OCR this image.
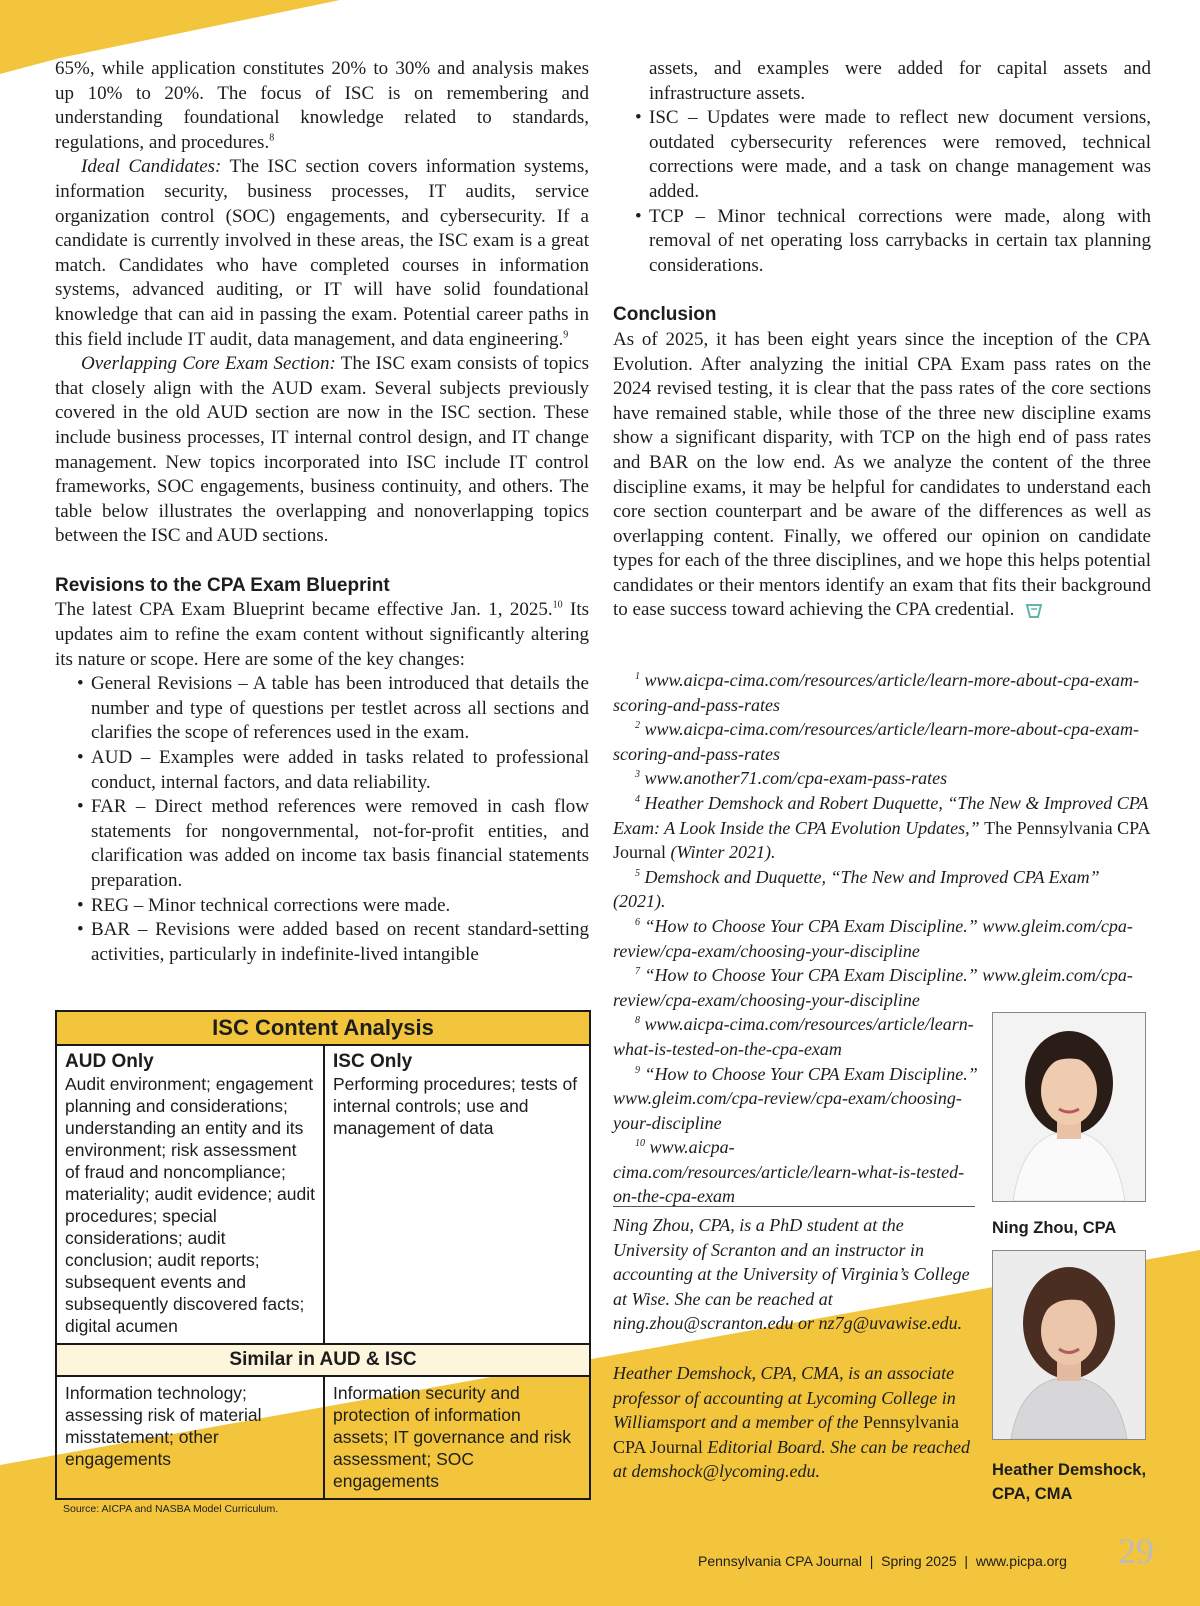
65%, while application constitutes 20% to 30% and analysis makes up 10% to 20%. The focus of ISC is on remembering and understanding foundational knowledge related to standards, regulations, and procedures.$^8$

Ideal Candidates: The ISC section covers information systems, information security, business processes, IT audits, service organization control (SOC) engagements, and cybersecurity. If a candidate is currently involved in these areas, the ISC exam is a great match. Candidates who have completed courses in information systems, advanced auditing, or IT will have solid foundational knowledge that can aid in passing the exam. Potential career paths in this field include IT audit, data management, and data engineering.$^9$

Overlapping Core Exam Section: The ISC exam consists of topics that closely align with the AUD exam. Several subjects previously covered in the old AUD section are now in the ISC section. These include business processes, IT internal control design, and IT change management. New topics incorporated into ISC include IT control frameworks, SOC engagements, business continuity, and others. The table below illustrates the overlapping and nonoverlapping topics between the ISC and AUD sections.

Revisions to the CPA Exam Blueprint

The latest CPA Exam Blueprint became effective Jan. 1, 2025.10 Its updates aim to refine the exam content without significantly altering its nature or scope. Here are some of the key changes:

• General Revisions – A table has been introduced that details the number and type of questions per testlet across all sections and clarifies the scope of references used in the exam.
• AUD – Examples were added in tasks related to professional conduct, internal factors, and data reliability.
• FAR – Direct method references were removed in cash flow statements for nongovernmental, not-for-profit entities, and clarification was added on income tax basis financial statements preparation.
• REG – Minor technical corrections were made.
• BAR – Revisions were added based on recent standard-setting activities, particularly in indefinite-lived intangible
ISC Content Analysis
AUD Only
Audit environment; engagement planning and considerations; understanding an entity and its environment; risk assessment of fraud and noncompliance; materiality; audit evidence; audit procedures; special considerations; audit conclusion; audit reports; subsequent events and subsequently discovered facts; digital acumen
ISC Only
Performing procedures; tests of internal controls; use and management of data
Similar in AUD & ISC
Information technology; assessing risk of material misstatement; other engagements
Information security and protection of information assets; IT governance and risk assessment; SOC engagements
Source: AICPA and NASBA Model Curriculum.
assets, and examples were added for capital assets and infrastructure assets.
• ISC – Updates were made to reflect new document versions, outdated cybersecurity references were removed, technical corrections were made, and a task on change management was added.
• TCP – Minor technical corrections were made, along with removal of net operating loss carrybacks in certain tax planning considerations.

Conclusion

As of 2025, it has been eight years since the inception of the CPA Evolution. After analyzing the initial CPA Exam pass rates on the 2024 revised testing, it is clear that the pass rates of the core sections have remained stable, while those of the three new discipline exams show a significant disparity, with TCP on the high end of pass rates and BAR on the low end. As we analyze the content of the three discipline exams, it may be helpful for candidates to understand each core section counterpart and be aware of the differences as well as overlapping content. Finally, we offered our opinion on candidate types for each of the three disciplines, and we hope this helps potential candidates or their mentors identify an exam that fits their background to ease success toward achieving the CPA credential.

$^1$ www.aicpa-cima.com/resources/article/learn-more-about-cpa-exam-scoring-and-pass-rates

$^2$ www.aicpa-cima.com/resources/article/learn-more-about-cpa-exam-scoring-and-pass-rates

$^3$ www.another71.com/cpa-exam-pass-rates

$^4$ Heather Demshock and Robert Duquette, “The New & Improved CPA Exam: A Look Inside the CPA Evolution Updates,” The Pennsylvania CPA Journal (Winter 2021).

$^5$ Demshock and Duquette, “The New and Improved CPA Exam” (2021).

$^6$ “How to Choose Your CPA Exam Discipline.” www.gleim.com/cpa-review/cpa-exam/choosing-your-discipline

$^7$ “How to Choose Your CPA Exam Discipline.” www.gleim.com/cpa-review/cpa-exam/choosing-your-discipline

$^8$ www.aicpa-cima.com/resources/article/learn-what-is-tested-on-the-cpa-exam

$^9$ “How to Choose Your CPA Exam Discipline.” www.gleim.com/cpa-review/cpa-exam/choosing-your-discipline

$^{10}$ www.aicpa-cima.com/resources/article/learn-what-is-tested-on-the-cpa-exam

Ning Zhou, CPA, is a PhD student at the University of Scranton and an instructor in accounting at the University of Virginia’s College at Wise. She can be reached at ning.zhou@scranton.edu or nz7g@uvawise.edu.
Heather Demshock, CPA, CMA, is an associate professor of accounting at Lycoming College in Williamsport and a member of the Pennsylvania CPA Journal Editorial Board. She can be reached at demshock@lycoming.edu.
Ning Zhou, CPA
Heather Demshock,
CPA, CMA
Pennsylvania CPA Journal  |  Spring 2025  |  www.picpa.org 29
